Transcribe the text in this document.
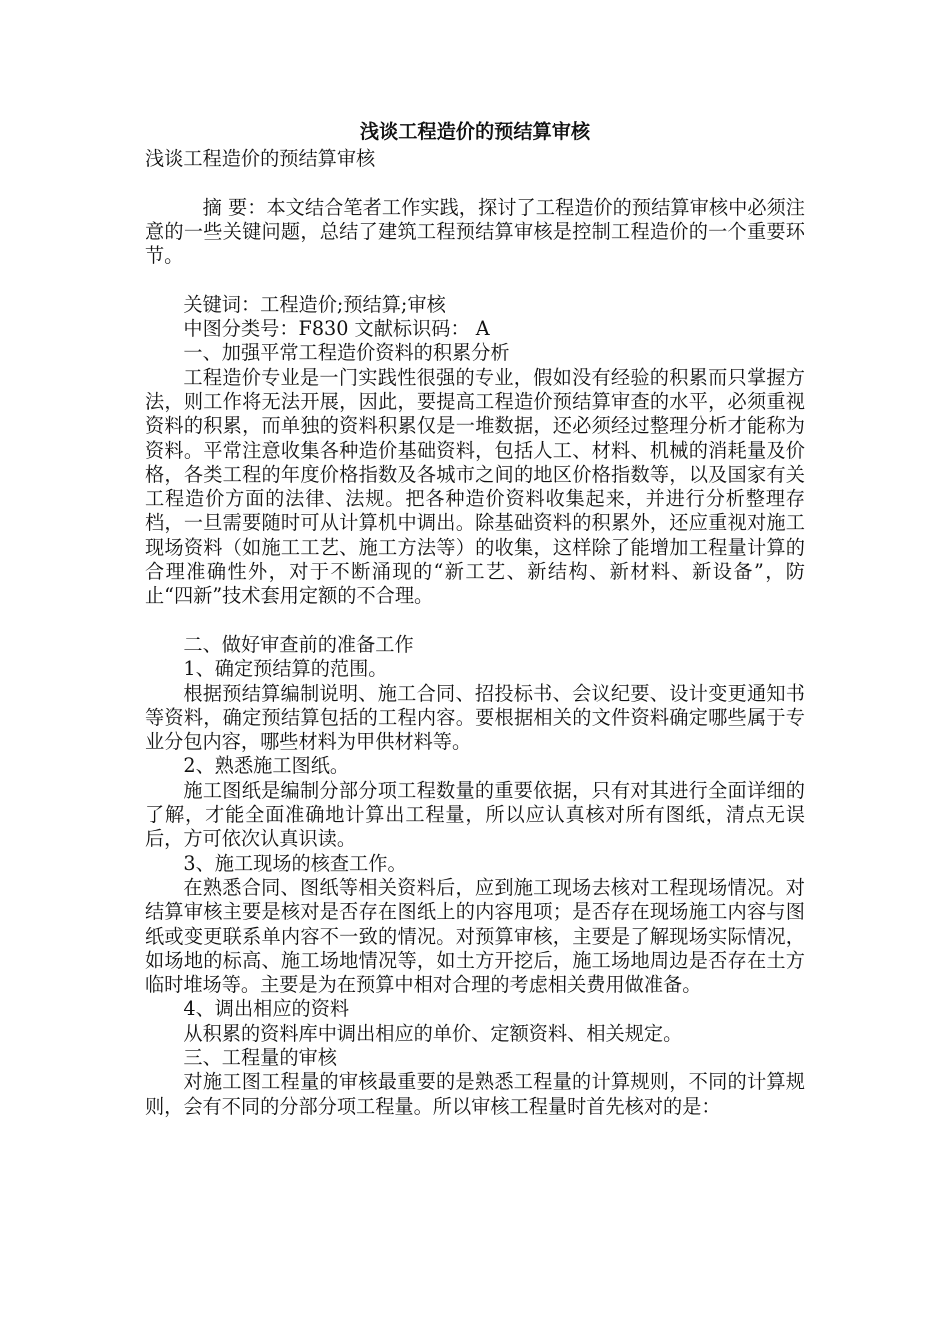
浅谈工程造价的预结算审核

浅谈工程造价的预结算审核

摘 要：本文结合笔者工作实践，探讨了工程造价的预结算审核中必须注意的一些关键问题，总结了建筑工程预结算审核是控制工程造价的一个重要环节。

关键词：工程造价;预结算;审核

中图分类号：F830 文献标识码： A

一、加强平常工程造价资料的积累分析

工程造价专业是一门实践性很强的专业，假如没有经验的积累而只掌握方法，则工作将无法开展，因此，要提高工程造价预结算审查的水平，必须重视资料的积累，而单独的资料积累仅是一堆数据，还必须经过整理分析才能称为资料。平常注意收集各种造价基础资料，包括人工、材料、机械的消耗量及价格，各类工程的年度价格指数及各城市之间的地区价格指数等，以及国家有关工程造价方面的法律、法规。把各种造价资料收集起来，并进行分析整理存档，一旦需要随时可从计算机中调出。除基础资料的积累外，还应重视对施工现场资料（如施工工艺、施工方法等）的收集，这样除了能增加工程量计算的合理准确性外，对于不断涌现的“新工艺、新结构、新材料、新设备”，防止“四新”技术套用定额的不合理。

二、做好审查前的准备工作

1、确定预结算的范围。

根据预结算编制说明、施工合同、招投标书、会议纪要、设计变更通知书等资料，确定预结算包括的工程内容。要根据相关的文件资料确定哪些属于专业分包内容，哪些材料为甲供材料等。

2、熟悉施工图纸。

施工图纸是编制分部分项工程数量的重要依据，只有对其进行全面详细的了解，才能全面准确地计算出工程量，所以应认真核对所有图纸，清点无误后，方可依次认真识读。

3、施工现场的核查工作。

在熟悉合同、图纸等相关资料后，应到施工现场去核对工程现场情况。对结算审核主要是核对是否存在图纸上的内容甩项；是否存在现场施工内容与图纸或变更联系单内容不一致的情况。对预算审核，主要是了解现场实际情况，如场地的标高、施工场地情况等，如土方开挖后，施工场地周边是否存在土方临时堆场等。主要是为在预算中相对合理的考虑相关费用做准备。

4、调出相应的资料

从积累的资料库中调出相应的单价、定额资料、相关规定。

三、工程量的审核

对施工图工程量的审核最重要的是熟悉工程量的计算规则，不同的计算规则，会有不同的分部分项工程量。所以审核工程量时首先核对的是：
